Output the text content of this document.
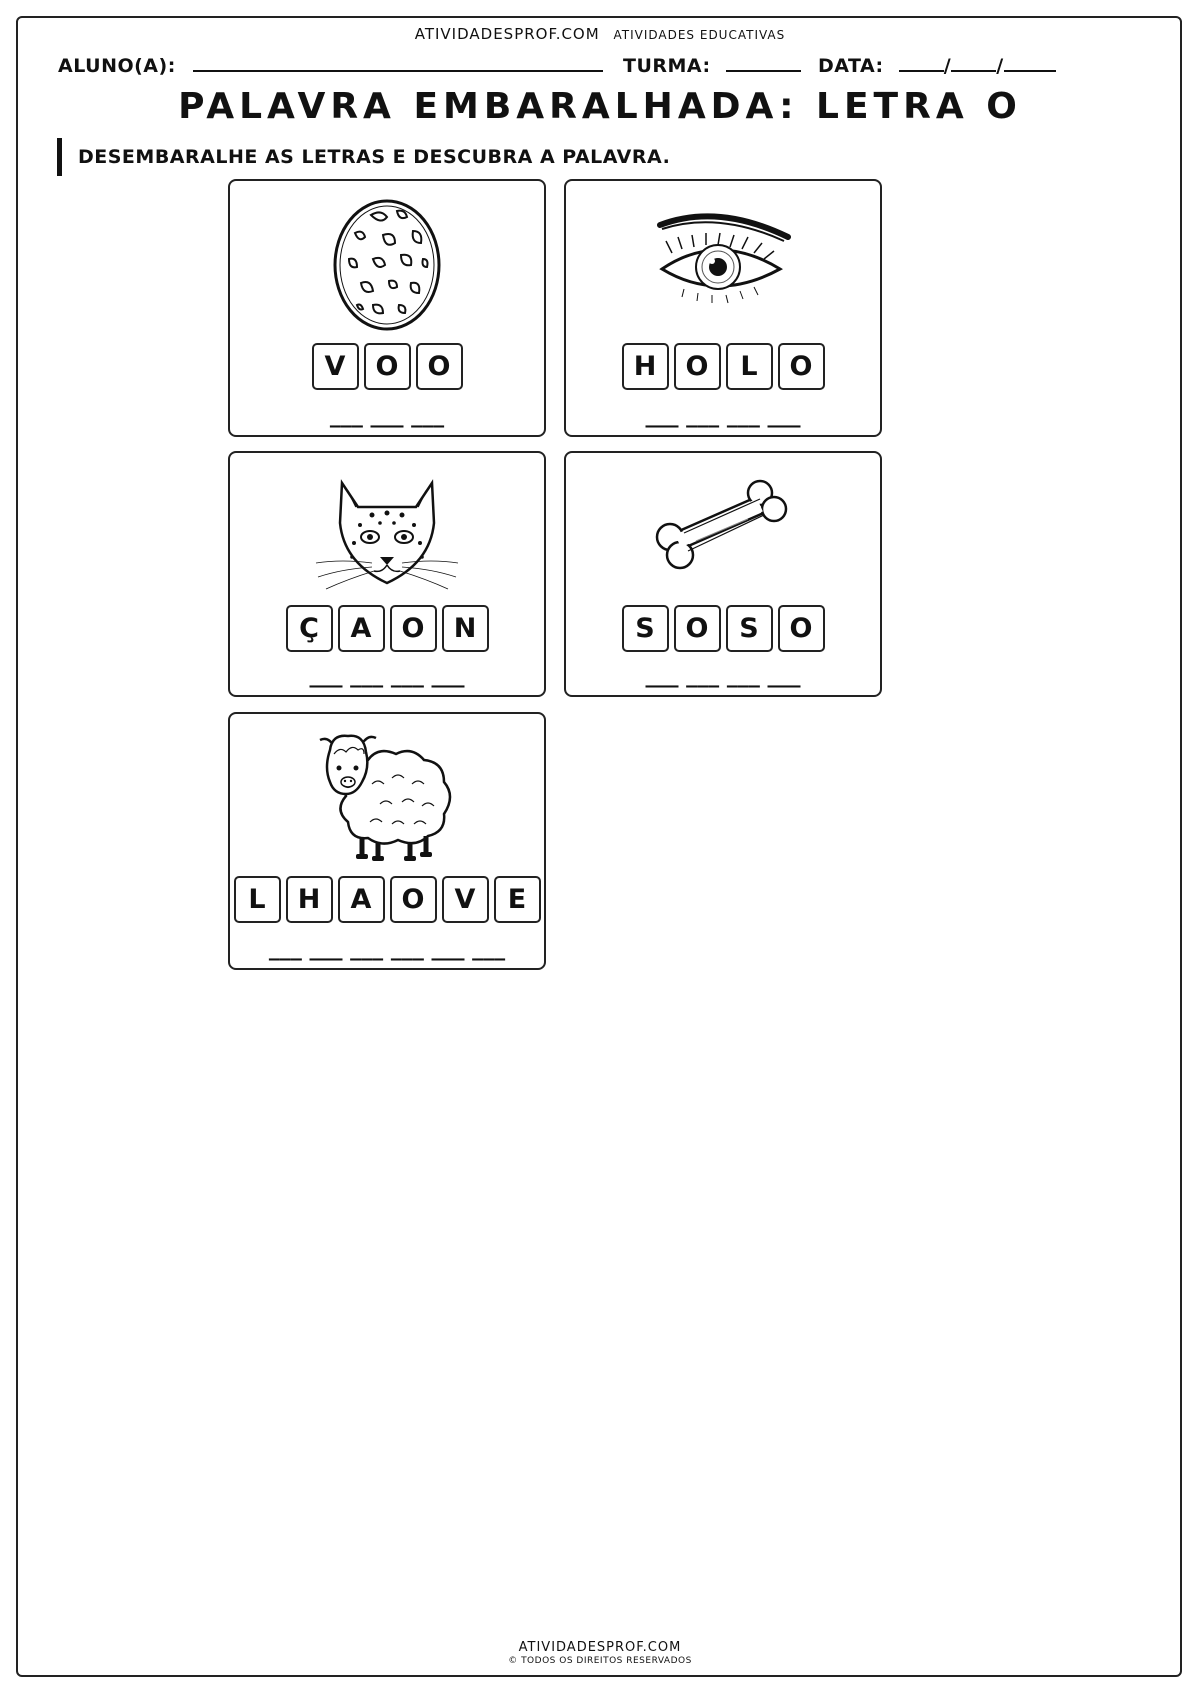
ATIVIDADESPROF.COM ATIVIDADES EDUCATIVAS
ALUNO(A):	TURMA:	DATA:	/ /
PALAVRA EMBARALHADA: LETRA O
DESEMBARALHE AS LETRAS E DESCUBRA A PALAVRA.
V	O	O
___ ___ ___
H	O	L	O
___ ___ ___ ___
Ç	A	O	N
___ ___ ___ ___
S	O	S	O
___ ___ ___ ___
L	H	A	O	V	E
___ ___ ___ ___ ___ ___
ATIVIDADESPROF.COM
© TODOS OS DIREITOS RESERVADOS
